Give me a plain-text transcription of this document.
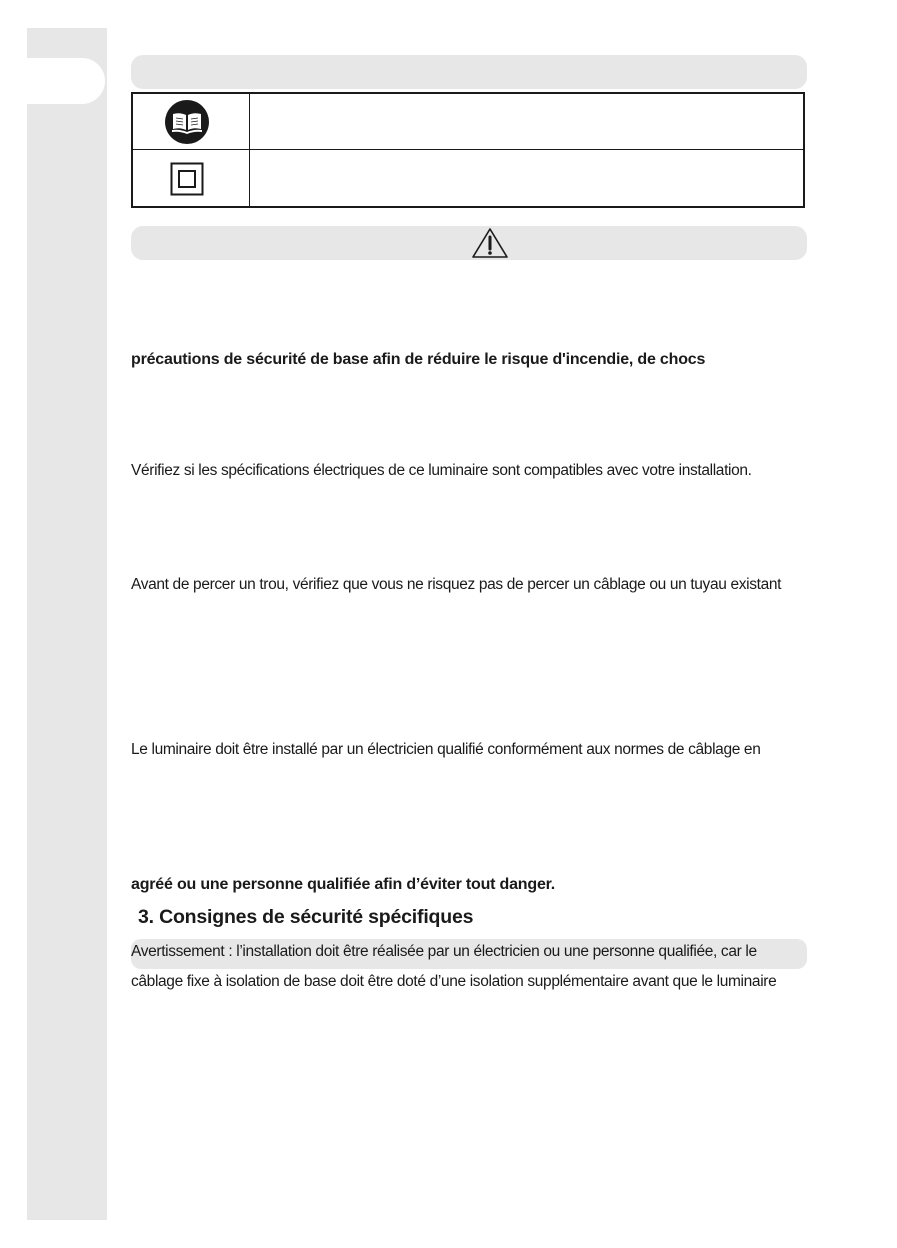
précautions de sécurité de base afin de réduire le risque d'incendie, de chocs
Vérifiez si les spécifications électriques de ce luminaire sont compatibles avec votre installation.
Avant de percer un trou, vérifiez que vous ne risquez pas de percer un câblage ou un tuyau existant
Le luminaire doit être installé par un électricien qualifié conformément aux normes de câblage en
agréé ou une personne qualifiée afin d’éviter tout danger.
3. Consignes de sécurité spécifiques
Avertissement : l’installation doit être réalisée par un électricien ou une personne qualifiée, car le
câblage fixe à isolation de base doit être doté d’une isolation supplémentaire avant que le luminaire
